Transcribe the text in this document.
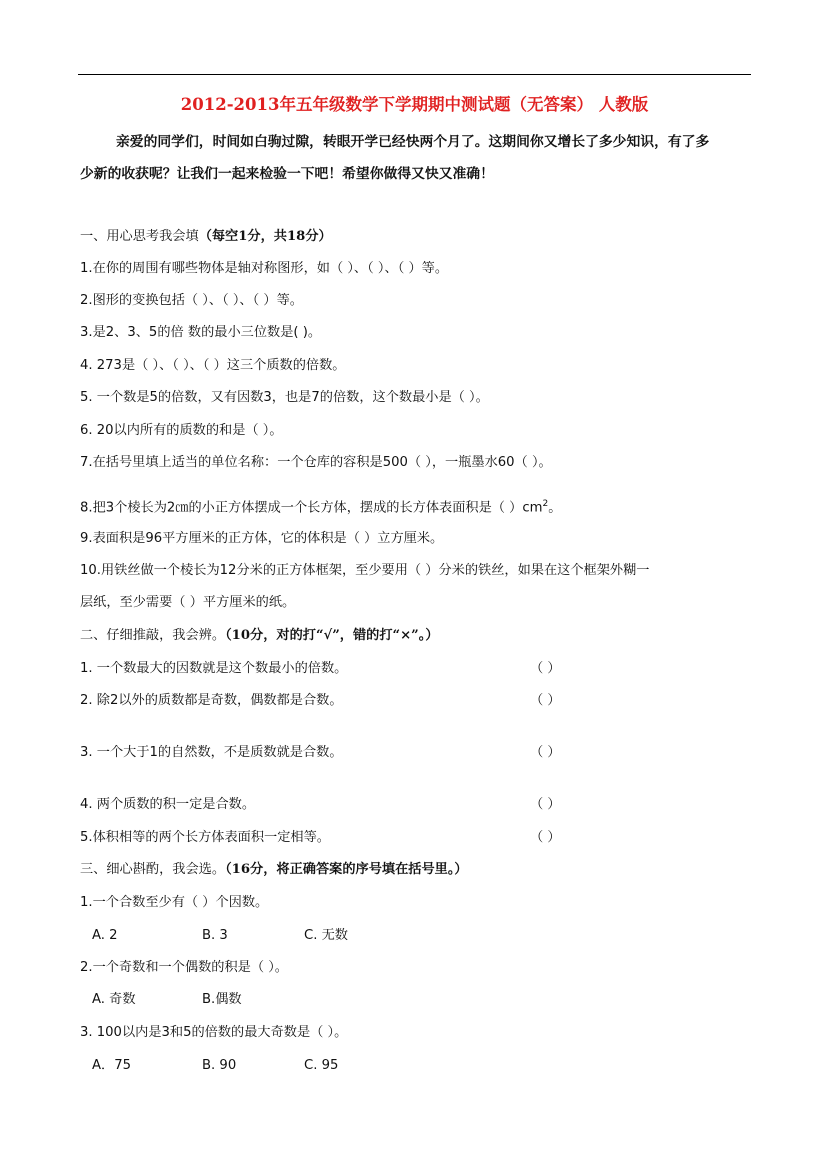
2012-2013年五年级数学下学期期中测试题（无答案） 人教版
亲爱的同学们，时间如白驹过隙，转眼开学已经快两个月了。这期间你又增长了多少知识，有了多
少新的收获呢？让我们一起来检验一下吧！希望你做得又快又准确！
一、用心思考我会填（每空1分，共18分）
1.在你的周围有哪些物体是轴对称图形，如（ ）、（ ）、（ ）等。
2.图形的变换包括（ ）、（ ）、（ ）等。
3.是2、3、5的倍 数的最小三位数是( )。
4. 273是（ ）、（ ）、（ ）这三个质数的倍数。
5. 一个数是5的倍数，又有因数3，也是7的倍数，这个数最小是（ ）。
6. 20以内所有的质数的和是（ ）。
7.在括号里填上适当的单位名称：一个仓库的容积是500（ ），一瓶墨水60（ ）。
8.把3个棱长为2㎝的小正方体摆成一个长方体，摆成的长方体表面积是（ ）$cm^2$。
9.表面积是96平方厘米的正方体，它的体积是（ ）立方厘米。
10.用铁丝做一个棱长为12分米的正方体框架，至少要用（ ）分米的铁丝，如果在这个框架外糊一
层纸，至少需要（ ）平方厘米的纸。
二、仔细推敲，我会辨。（10分，对的打“√”，错的打“×”。）
1. 一个数最大的因数就是这个数最小的倍数。	（ ）
2. 除2以外的质数都是奇数，偶数都是合数。	（ ）
3. 一个大于1的自然数，不是质数就是合数。	（ ）
4. 两个质数的积一定是合数。	（ ）
5.体积相等的两个长方体表面积一定相等。	（ ）
三、细心斟酌，我会选。（16分，将正确答案的序号填在括号里。）
1.一个合数至少有（ ）个因数。
A. 2	B. 3	C. 无数
2.一个奇数和一个偶数的积是（ ）。
A. 奇数	B.偶数
3. 100以内是3和5的倍数的最大奇数是（ ）。
A．75	B. 90	C. 95
